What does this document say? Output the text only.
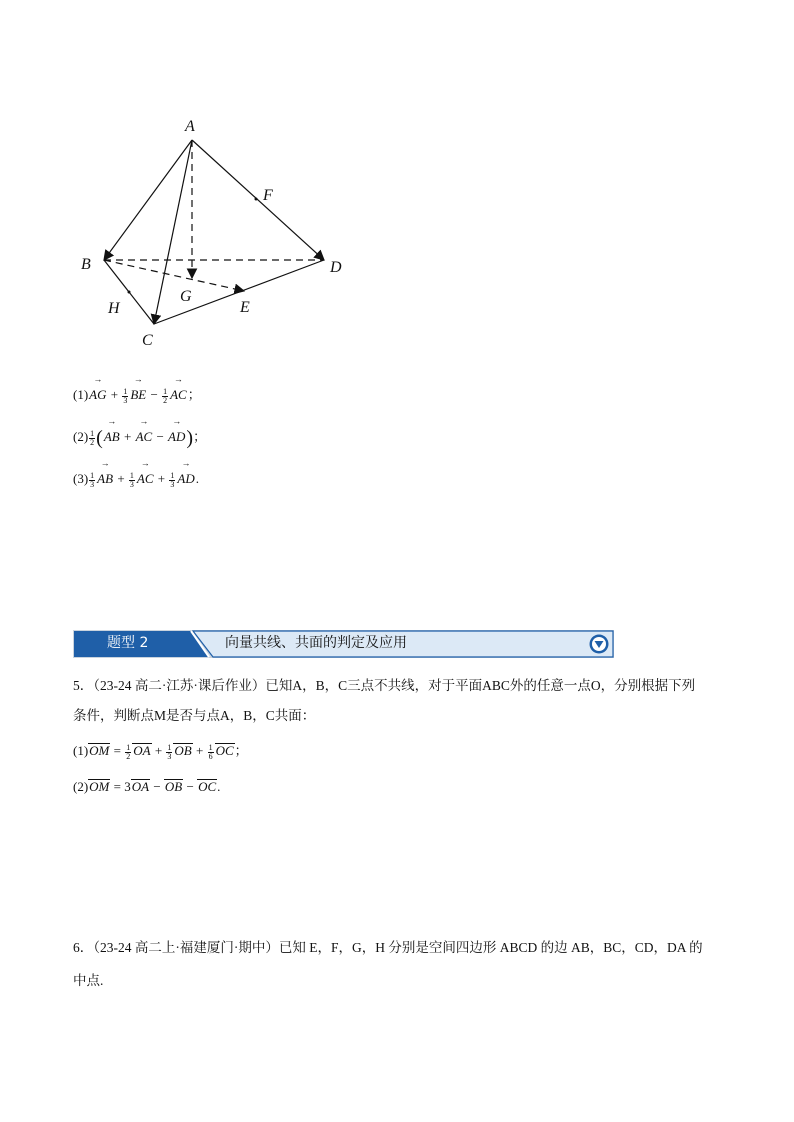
A
B
C
D
E
F
G
H
(1)→ AG + $\frac{1}{3}$ → BE − $\frac{1}{2}$ → AC；
$(2) \frac{1}{2}$ (→ AB + → AC − → AD)；
$(3) \frac{1}{3}$ → AB + $\frac{1}{3}$ → AC + $\frac{1}{3}$ → AD.
题型 2	向量共线、共面的判定及应用
5．（23-24 高二·江苏·课后作业）已知A，B，C三点不共线，对于平面ABC外的任意一点O，分别根据下列
条件，判断点M是否与点A，B，C共面：
$(1)OM = \frac{1}{2}$ OA + $\frac{1}{3}$ OB + $\frac{1}{6}$ OC；
(2)OM = 3OA − OB − OC.
6．（23-24 高二上·福建厦门·期中）已知 E，F，G，H 分别是空间四边形 ABCD 的边 AB，BC，CD，DA 的
中点.
